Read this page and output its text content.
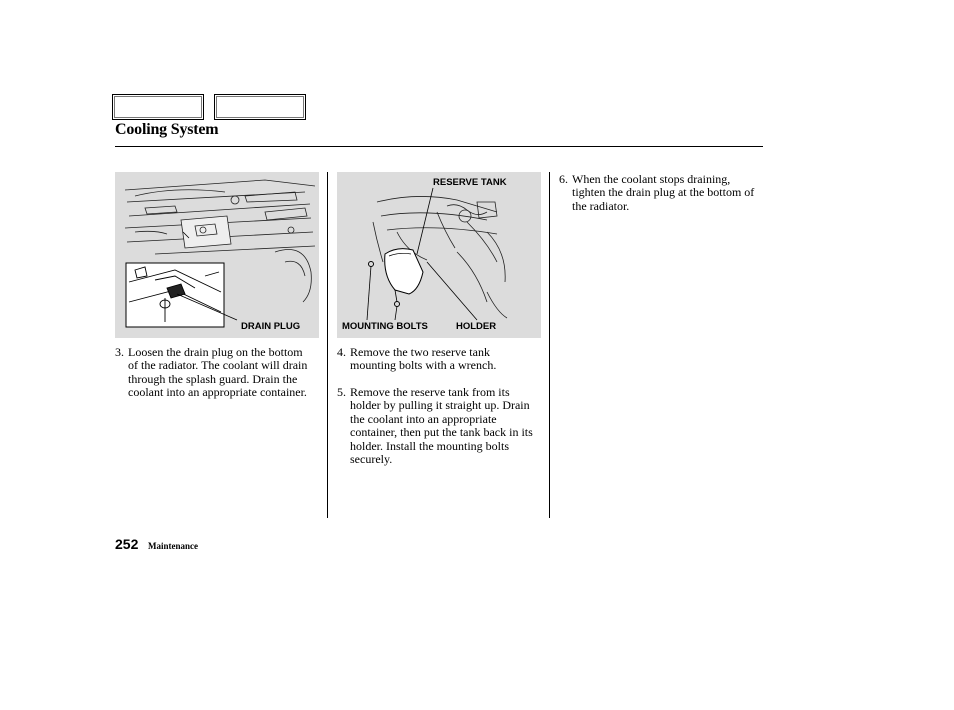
Cooling System
DRAIN PLUG
RESERVE TANK
MOUNTING BOLTS	HOLDER
3. Loosen the drain plug on the bottom of the radiator. The coolant will drain through the splash guard. Drain the coolant into an appropriate container.
4. Remove the two reserve tank mounting bolts with a wrench.
5. Remove the reserve tank from its holder by pulling it straight up. Drain the coolant into an appropriate container, then put the tank back in its holder. Install the mounting bolts securely.
6. When the coolant stops draining, tighten the drain plug at the bottom of the radiator.
252 Maintenance
